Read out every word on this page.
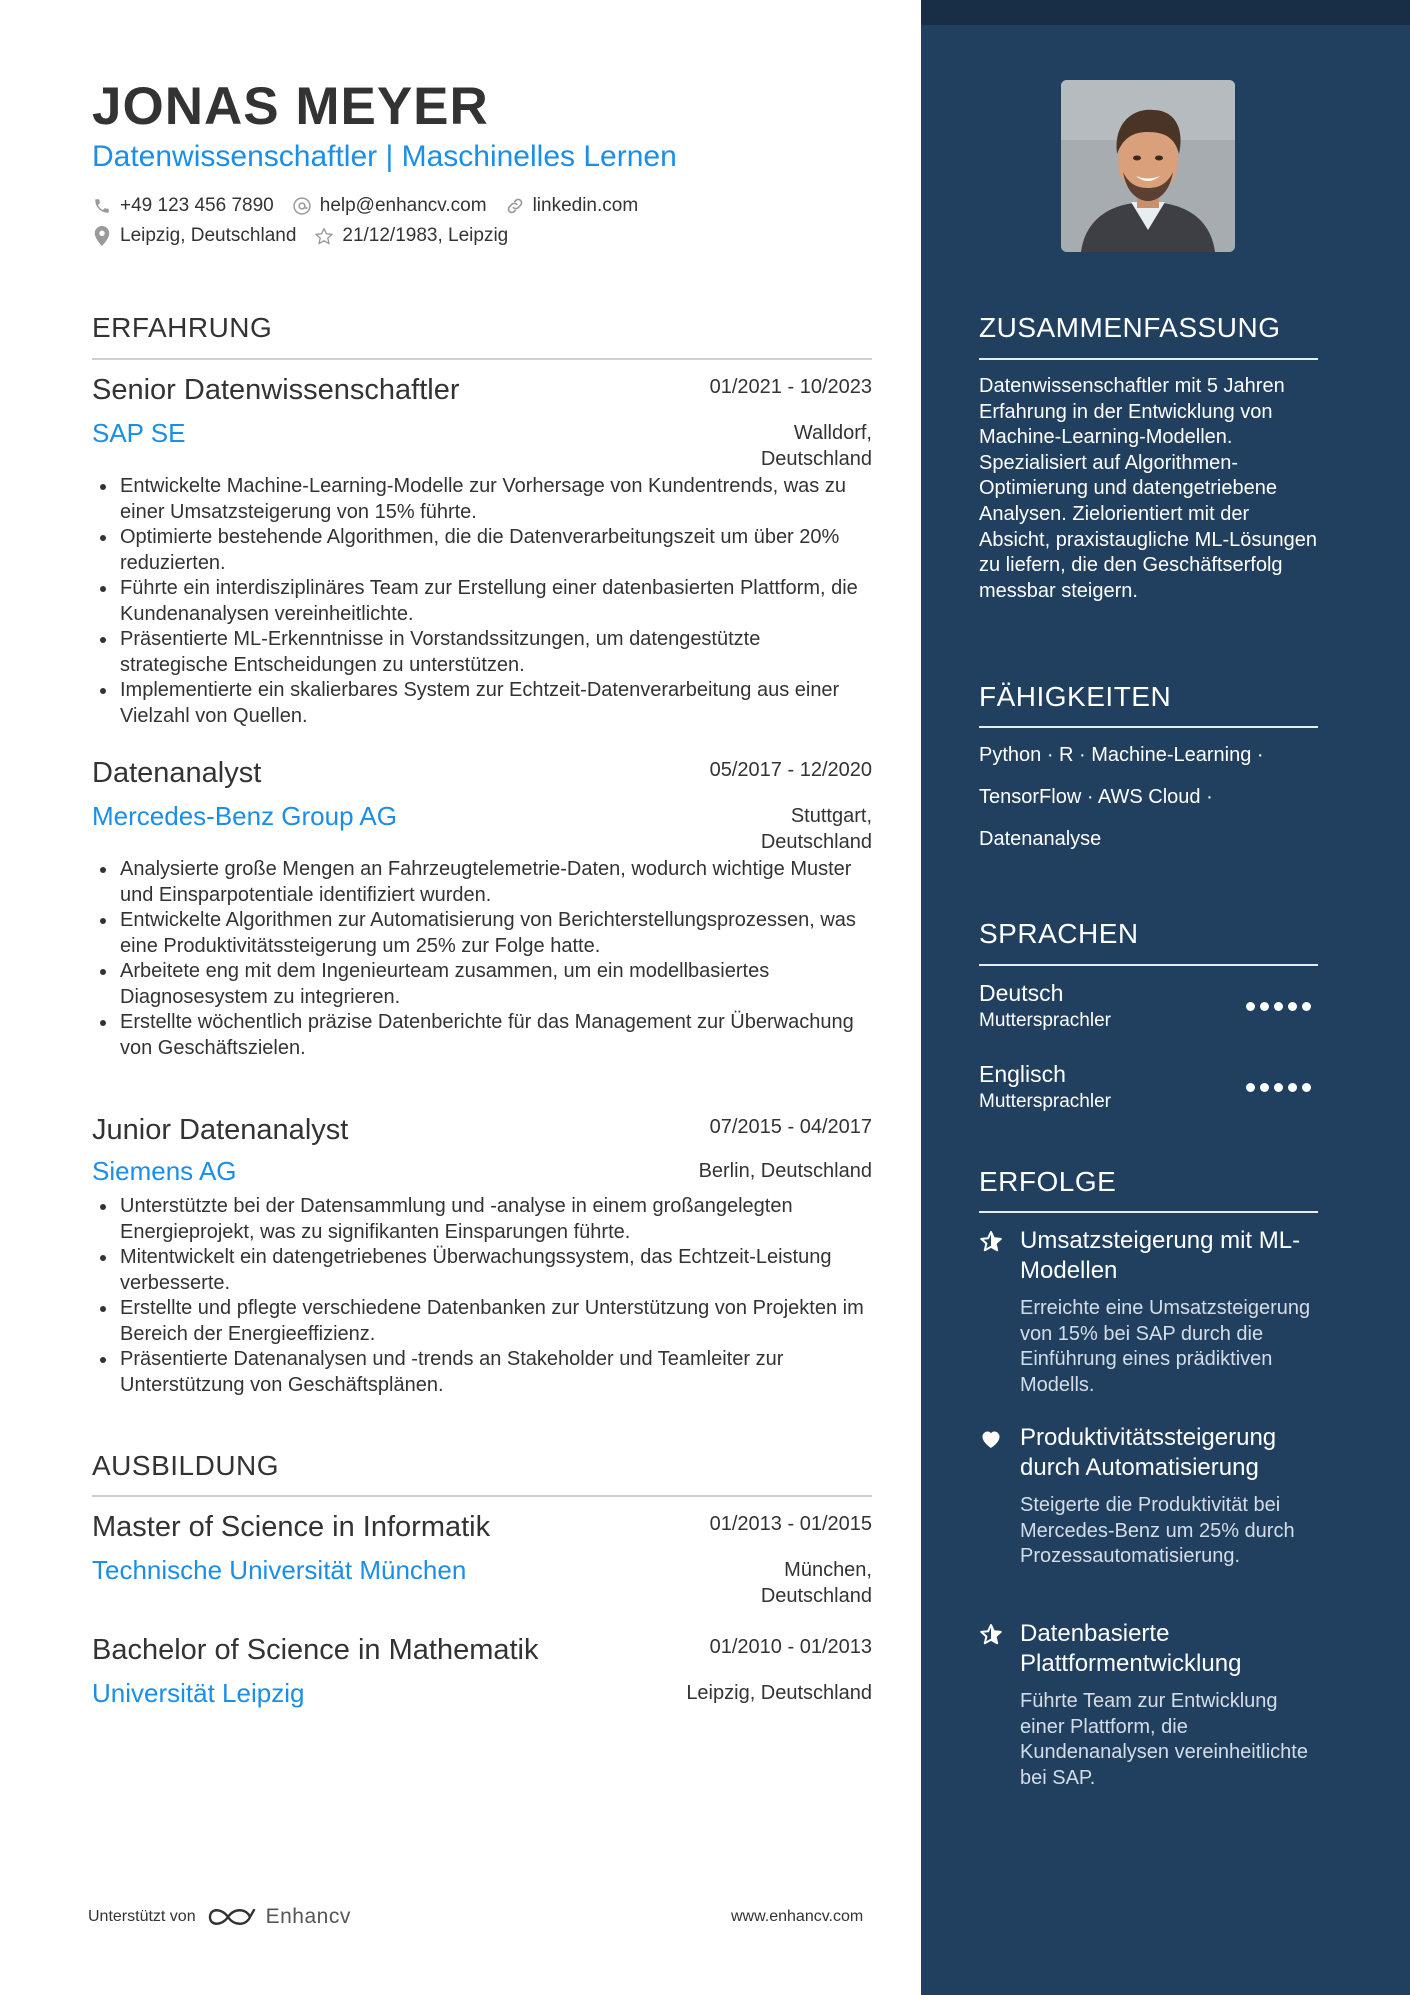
JONAS MEYER
Datenwissenschaftler | Maschinelles Lernen
+49 123 456 7890 help@enhancv.com linkedin.com
Leipzig, Deutschland 21/12/1983, Leipzig
ERFAHRUNG
Senior Datenwissenschaftler	01/2021 - 10/2023
SAP SE	Walldorf,
Deutschland
Entwickelte Machine-Learning-Modelle zur Vorhersage von Kundentrends, was zu einer Umsatzsteigerung von 15% führte.
Optimierte bestehende Algorithmen, die die Datenverarbeitungszeit um über 20% reduzierten.
Führte ein interdisziplinäres Team zur Erstellung einer datenbasierten Plattform, die Kundenanalysen vereinheitlichte.
Präsentierte ML-Erkenntnisse in Vorstandssitzungen, um datengestützte strategische Entscheidungen zu unterstützen.
Implementierte ein skalierbares System zur Echtzeit-Datenverarbeitung aus einer Vielzahl von Quellen.
Datenanalyst	05/2017 - 12/2020
Mercedes-Benz Group AG	Stuttgart,
Deutschland
Analysierte große Mengen an Fahrzeugtelemetrie-Daten, wodurch wichtige Muster und Einsparpotentiale identifiziert wurden.
Entwickelte Algorithmen zur Automatisierung von Berichterstellungsprozessen, was eine Produktivitätssteigerung um 25% zur Folge hatte.
Arbeitete eng mit dem Ingenieurteam zusammen, um ein modellbasiertes Diagnosesystem zu integrieren.
Erstellte wöchentlich präzise Datenberichte für das Management zur Überwachung von Geschäftszielen.
Junior Datenanalyst	07/2015 - 04/2017
Siemens AG	Berlin, Deutschland
Unterstützte bei der Datensammlung und -analyse in einem großangelegten Energieprojekt, was zu signifikanten Einsparungen führte.
Mitentwickelt ein datengetriebenes Überwachungssystem, das Echtzeit-Leistung verbesserte.
Erstellte und pflegte verschiedene Datenbanken zur Unterstützung von Projekten im Bereich der Energieeffizienz.
Präsentierte Datenanalysen und -trends an Stakeholder und Teamleiter zur Unterstützung von Geschäftsplänen.
AUSBILDUNG
Master of Science in Informatik	01/2013 - 01/2015
Technische Universität München	München,
Deutschland
Bachelor of Science in Mathematik	01/2010 - 01/2013
Universität Leipzig	Leipzig, Deutschland
Unterstützt von	Enhancv	www.enhancv.com
ZUSAMMENFASSUNG
Datenwissenschaftler mit 5 Jahren Erfahrung in der Entwicklung von Machine-Learning-Modellen. Spezialisiert auf Algorithmen-Optimierung und datengetriebene Analysen. Zielorientiert mit der Absicht, praxistaugliche ML-Lösungen zu liefern, die den Geschäftserfolg messbar steigern.
FÄHIGKEITEN
Python · R · Machine-Learning ·
TensorFlow · AWS Cloud ·
Datenanalyse
SPRACHEN
Deutsch
Muttersprachler
Englisch
Muttersprachler
ERFOLGE
Umsatzsteigerung mit ML-Modellen
Erreichte eine Umsatzsteigerung von 15% bei SAP durch die Einführung eines prädiktiven Modells.
Produktivitätssteigerung durch Automatisierung
Steigerte die Produktivität bei Mercedes-Benz um 25% durch Prozessautomatisierung.
Datenbasierte Plattformentwicklung
Führte Team zur Entwicklung einer Plattform, die Kundenanalysen vereinheitlichte bei SAP.
